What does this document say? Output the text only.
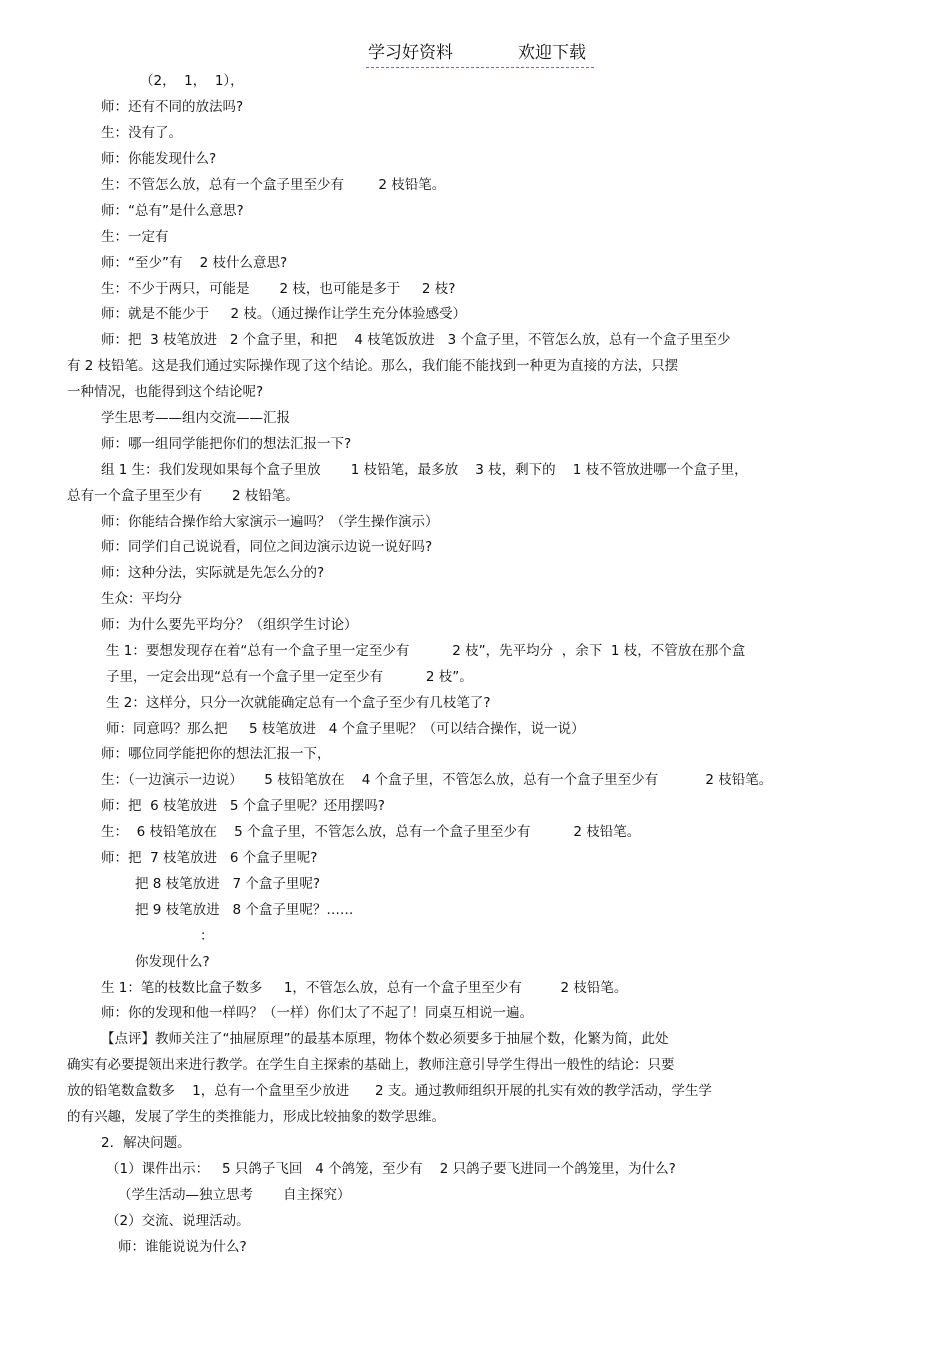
学习好资料	欢迎下载
（2，  1，  1），
师：还有不同的放法吗?
生：没有了。
师：你能发现什么?
生：不管怎么放，总有一个盒子里至少有        2 枝铅笔。
师：“总有”是什么意思?
生：一定有
师：“至少”有    2 枝什么意思?
生：不少于两只，可能是       2 枝，也可能是多于     2 枝?
师：就是不能少于     2 枝。（通过操作让学生充分体验感受）
师：把  3 枝笔放进   2 个盒子里，和把    4 枝笔饭放进   3 个盒子里，不管怎么放，总有一个盒子里至少
有 2 枝铅笔。这是我们通过实际操作现了这个结论。那么，我们能不能找到一种更为直接的方法，只摆
一种情况，也能得到这个结论呢?
学生思考——组内交流——汇报
师：哪一组同学能把你们的想法汇报一下?
组 1 生：我们发现如果每个盒子里放       1 枝铅笔，最多放    3 枝，剩下的    1 枝不管放进哪一个盒子里，
总有一个盒子里至少有       2 枝铅笔。
师：你能结合操作给大家演示一遍吗？（学生操作演示）
师：同学们自己说说看，同位之间边演示边说一说好吗?
师：这种分法，实际就是先怎么分的?
生众：平均分
师：为什么要先平均分？（组织学生讨论）
生 1：要想发现存在着“总有一个盒子里一定至少有          2 枝”，先平均分  ，余下  1 枝，不管放在那个盒
子里，一定会出现“总有一个盒子里一定至少有          2 枝”。
生 2：这样分，只分一次就能确定总有一个盒子至少有几枝笔了?
师：同意吗？那么把     5 枝笔放进   4 个盒子里呢？（可以结合操作，说一说）
师：哪位同学能把你的想法汇报一下，
生：（一边演示一边说）     5 枝铅笔放在    4 个盒子里，不管怎么放，总有一个盒子里至少有           2 枝铅笔。
师：把  6 枝笔放进   5 个盒子里呢？还用摆吗?
生：  6 枝铅笔放在    5 个盒子里，不管怎么放，总有一个盒子里至少有          2 枝铅笔。
师：把  7 枝笔放进   6 个盒子里呢?
把 8 枝笔放进   7 个盒子里呢?
把 9 枝笔放进   8 个盒子里呢？……
：
你发现什么?
生 1：笔的枝数比盒子数多     1，不管怎么放，总有一个盒子里至少有         2 枝铅笔。
师：你的发现和他一样吗？（一样）你们太了不起了！同桌互相说一遍。
【点评】教师关注了“抽屉原理”的最基本原理，物体个数必须要多于抽屉个数，化繁为简，此处
确实有必要提领出来进行教学。在学生自主探索的基础上，教师注意引导学生得出一般性的结论：只要
放的铅笔数盒数多    1，总有一个盒里至少放进      2 支。通过教师组织开展的扎实有效的教学活动，学生学
的有兴趣，发展了学生的类推能力，形成比较抽象的数学思维。
2．解决问题。
（1）课件出示：   5 只鸽子飞回   4 个鸽笼，至少有    2 只鸽子要飞进同一个鸽笼里，为什么?
（学生活动—独立思考       自主探究）
（2）交流、说理活动。
师：谁能说说为什么?
